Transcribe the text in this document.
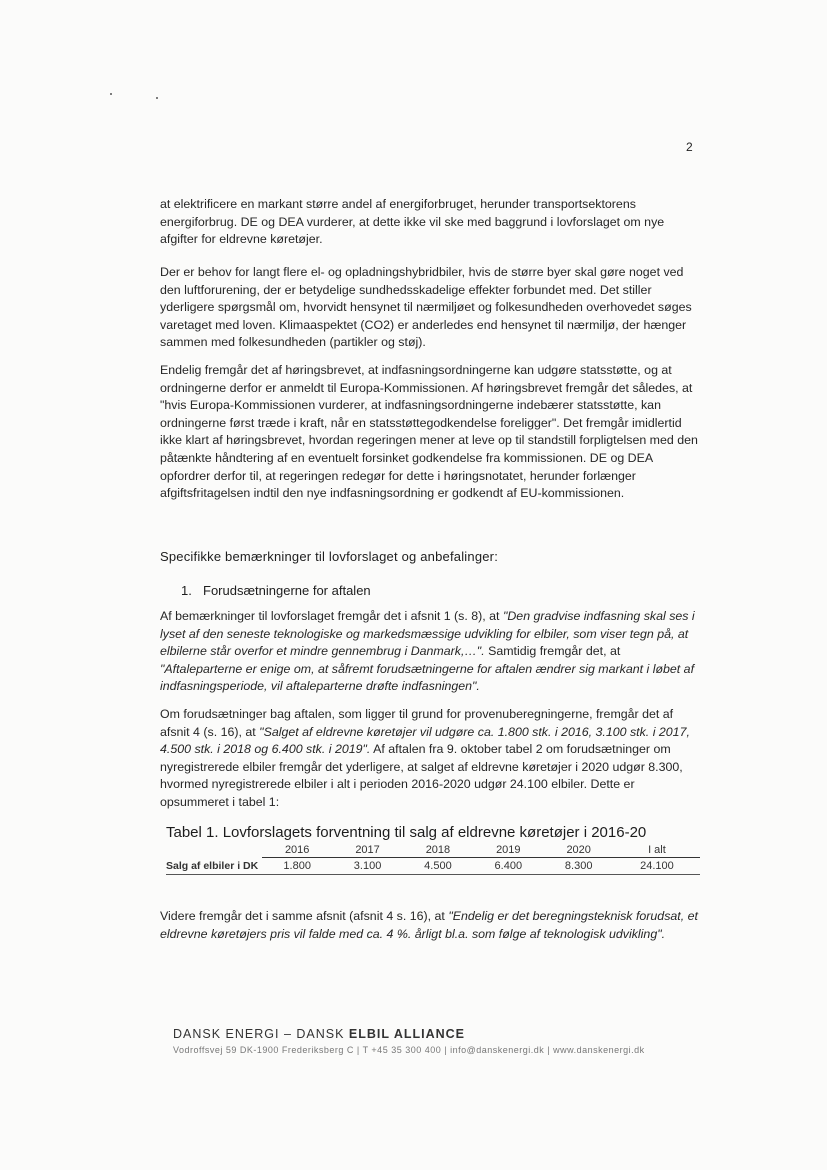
2

at elektrificere en markant større andel af energiforbruget, herunder transportsektorens energiforbrug. DE og DEA vurderer, at dette ikke vil ske med baggrund i lovforslaget om nye afgifter for eldrevne køretøjer.

Der er behov for langt flere el- og opladningshybridbiler, hvis de større byer skal gøre noget ved den luftforurening, der er betydelige sundhedsskadelige effekter forbundet med. Det stiller yderligere spørgsmål om, hvorvidt hensynet til nærmiljøet og folkesundheden overhovedet søges varetaget med loven. Klimaaspektet (CO2) er anderledes end hensynet til nærmiljø, der hænger sammen med folkesundheden (partikler og støj).

Endelig fremgår det af høringsbrevet, at indfasningsordningerne kan udgøre statsstøtte, og at ordningerne derfor er anmeldt til Europa-Kommissionen. Af høringsbrevet fremgår det således, at "hvis Europa-Kommissionen vurderer, at indfasningsordningerne indebærer statsstøtte, kan ordningerne først træde i kraft, når en statsstøttegodkendelse foreligger". Det fremgår imidlertid ikke klart af høringsbrevet, hvordan regeringen mener at leve op til standstill forpligtelsen med den påtænkte håndtering af en eventuelt forsinket godkendelse fra kommissionen. DE og DEA opfordrer derfor til, at regeringen redegør for dette i høringsnotatet, herunder forlænger afgiftsfritagelsen indtil den nye indfasningsordning er godkendt af EU-kommissionen.

Specifikke bemærkninger til lovforslaget og anbefalinger:
1. Forudsætningerne for aftalen

Af bemærkninger til lovforslaget fremgår det i afsnit 1 (s. 8), at "Den gradvise indfasning skal ses i lyset af den seneste teknologiske og markedsmæssige udvikling for elbiler, som viser tegn på, at elbilerne står overfor et mindre gennembrug i Danmark,…". Samtidig fremgår det, at "Aftaleparterne er enige om, at såfremt forudsætningerne for aftalen ændrer sig markant i løbet af indfasningsperiode, vil aftaleparterne drøfte indfasningen".

Om forudsætninger bag aftalen, som ligger til grund for provenuberegningerne, fremgår det af afsnit 4 (s. 16), at "Salget af eldrevne køretøjer vil udgøre ca. 1.800 stk. i 2016, 3.100 stk. i 2017, 4.500 stk. i 2018 og 6.400 stk. i 2019". Af aftalen fra 9. oktober tabel 2 om forudsætninger om nyregistrerede elbiler fremgår det yderligere, at salget af eldrevne køretøjer i 2020 udgør 8.300, hvormed nyregistrerede elbiler i alt i perioden 2016-2020 udgør 24.100 elbiler. Dette er opsummeret i tabel 1:

Tabel 1. Lovforslagets forventning til salg af eldrevne køretøjer i 2016-20
	2016	2017	2018	2019	2020	I alt
Salg af elbiler i DK	1.800	3.100	4.500	6.400	8.300	24.100

Videre fremgår det i samme afsnit (afsnit 4 s. 16), at "Endelig er det beregningsteknisk forudsat, et eldrevne køretøjers pris vil falde med ca. 4 %. årligt bl.a. som følge af teknologisk udvikling".

DANSK ENERGI – DANSK ELBIL ALLIANCE
Vodroffsvej 59 DK-1900 Frederiksberg C | T +45 35 300 400 | info@danskenergi.dk | www.danskenergi.dk
